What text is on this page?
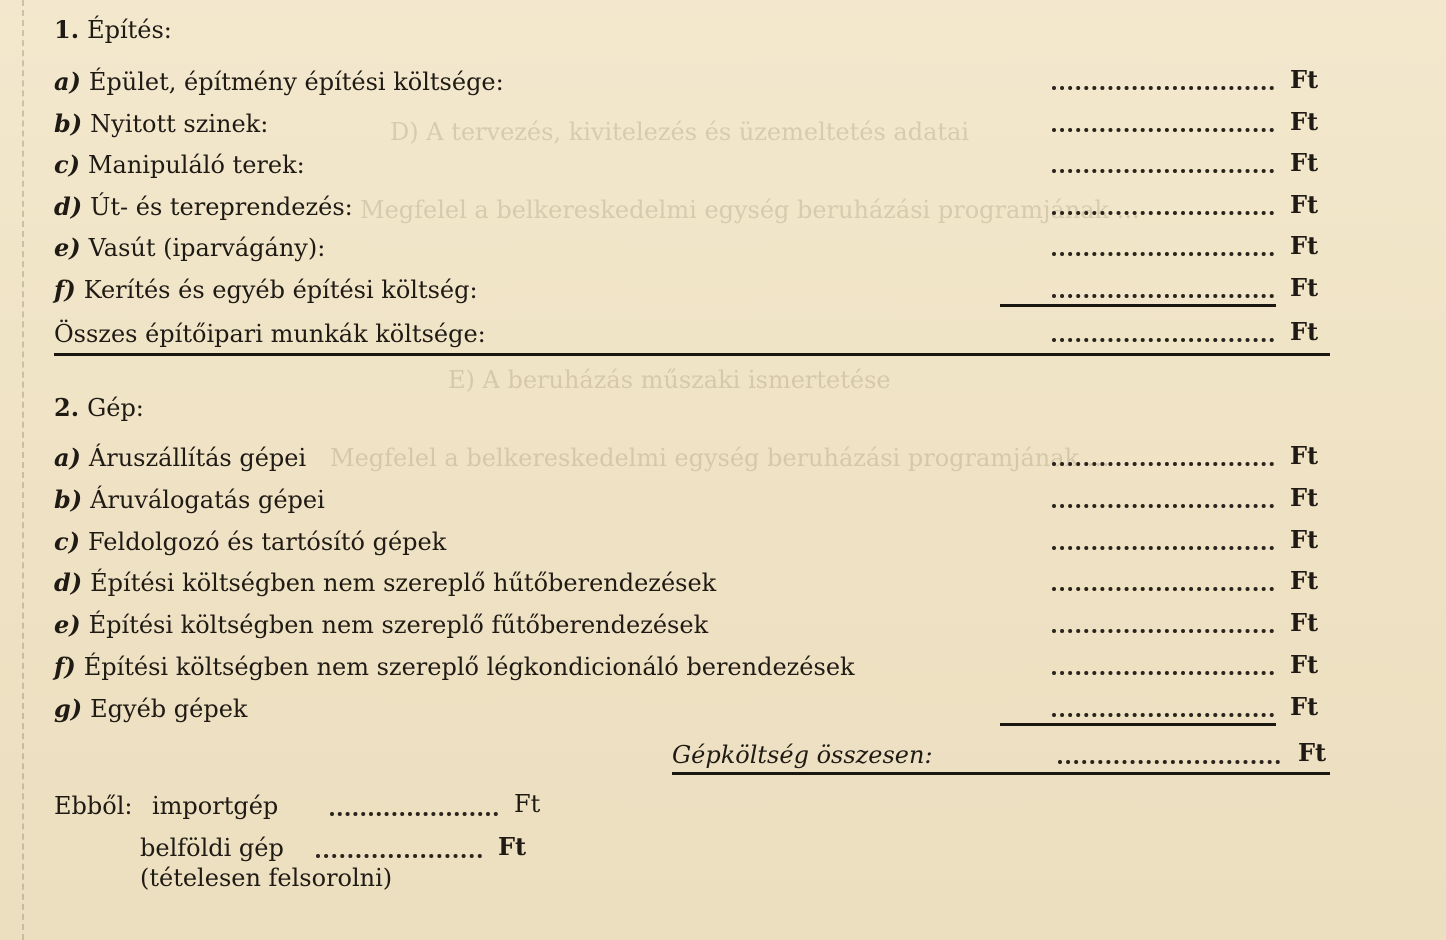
D) A tervezés, kivitelezés és üzemeltetés adatai
Megfelel a belkereskedelmi egység beruházási programjának ...
E) A beruházás műszaki ismertetése
Megfelel a belkereskedelmi egység beruházási programjának ...
1. Építés:
a) Épület, építmény építési költsége:	Ft
b) Nyitott szinek:	Ft
c) Manipuláló terek:	Ft
d) Út- és tereprendezés:	Ft
e) Vasút (iparvágány):	Ft
f) Kerítés és egyéb építési költség:	Ft
Összes építőipari munkák költsége:	Ft
2. Gép:
a) Áruszállítás gépei	Ft
b) Áruválogatás gépei	Ft
c) Feldolgozó és tartósító gépek	Ft
d) Építési költségben nem szereplő hűtőberendezések	Ft
e) Építési költségben nem szereplő fűtőberendezések	Ft
f) Építési költségben nem szereplő légkondicionáló berendezések	Ft
g) Egyéb gépek	Ft
Gépköltség összesen:	Ft
Ebből: importgép	Ft
belföldi gép	Ft
(tételesen felsorolni)
